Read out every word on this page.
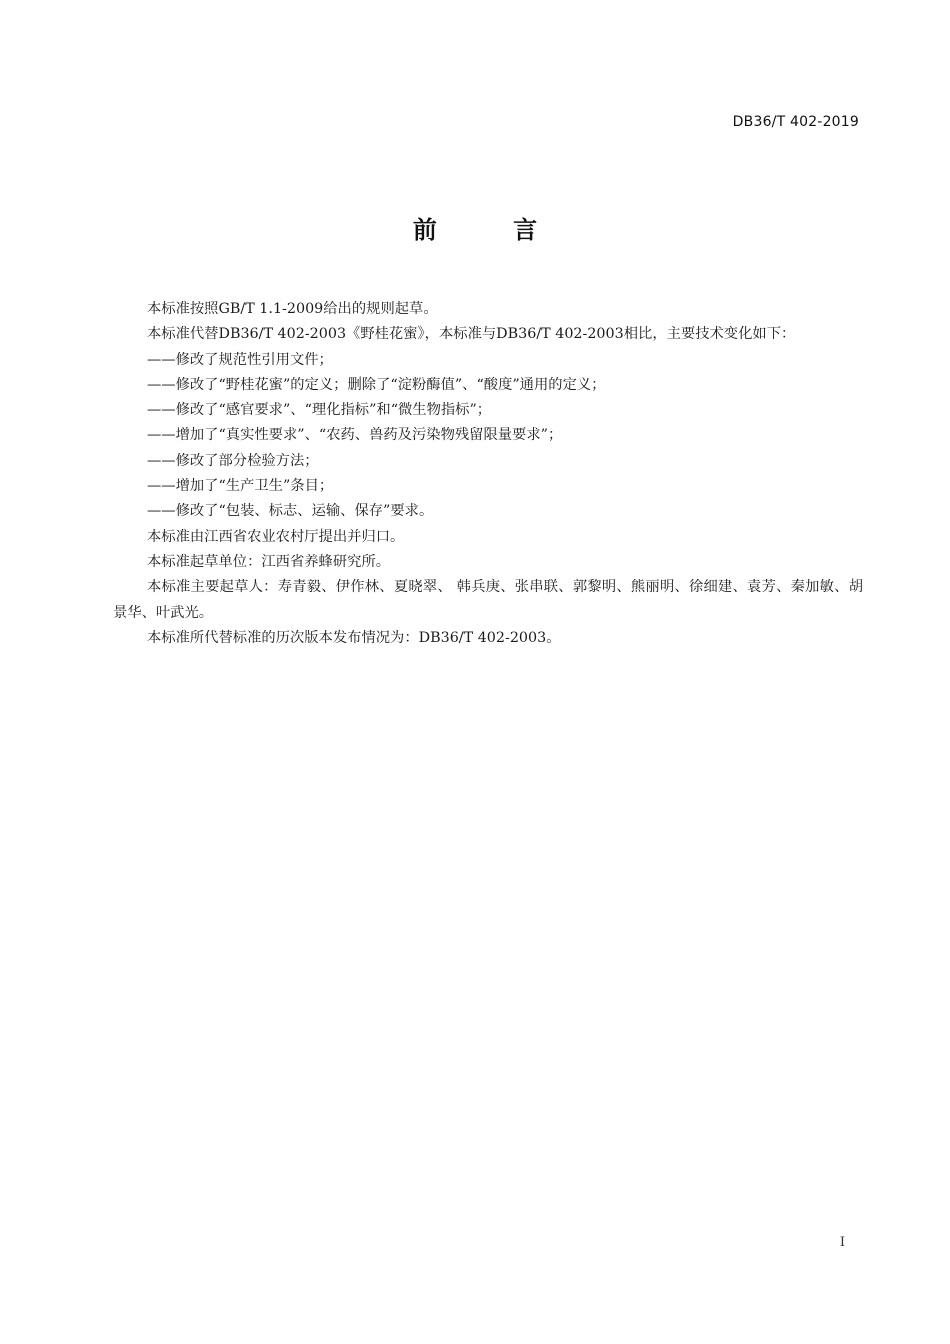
DB36/T 402-2019
前 言

本标准按照GB/T 1.1-2009给出的规则起草。

本标准代替DB36/T 402-2003《野桂花蜜》，本标准与DB36/T 402-2003相比，主要技术变化如下：

——修改了规范性引用文件；

——修改了“野桂花蜜”的定义；删除了“淀粉酶值”、“酸度”通用的定义；

——修改了“感官要求”、“理化指标”和“微生物指标”；

——增加了“真实性要求”、“农药、兽药及污染物残留限量要求”；

——修改了部分检验方法；

——增加了“生产卫生”条目；

——修改了“包装、标志、运输、保存”要求。

本标准由江西省农业农村厅提出并归口。

本标准起草单位：江西省养蜂研究所。

本标准主要起草人：寿青毅、伊作林、夏晓翠、 韩兵庚、张串联、郭黎明、熊丽明、徐细建、袁芳、秦加敏、胡景华、叶武光。

本标准所代替标准的历次版本发布情况为：DB36/T 402-2003。

I
